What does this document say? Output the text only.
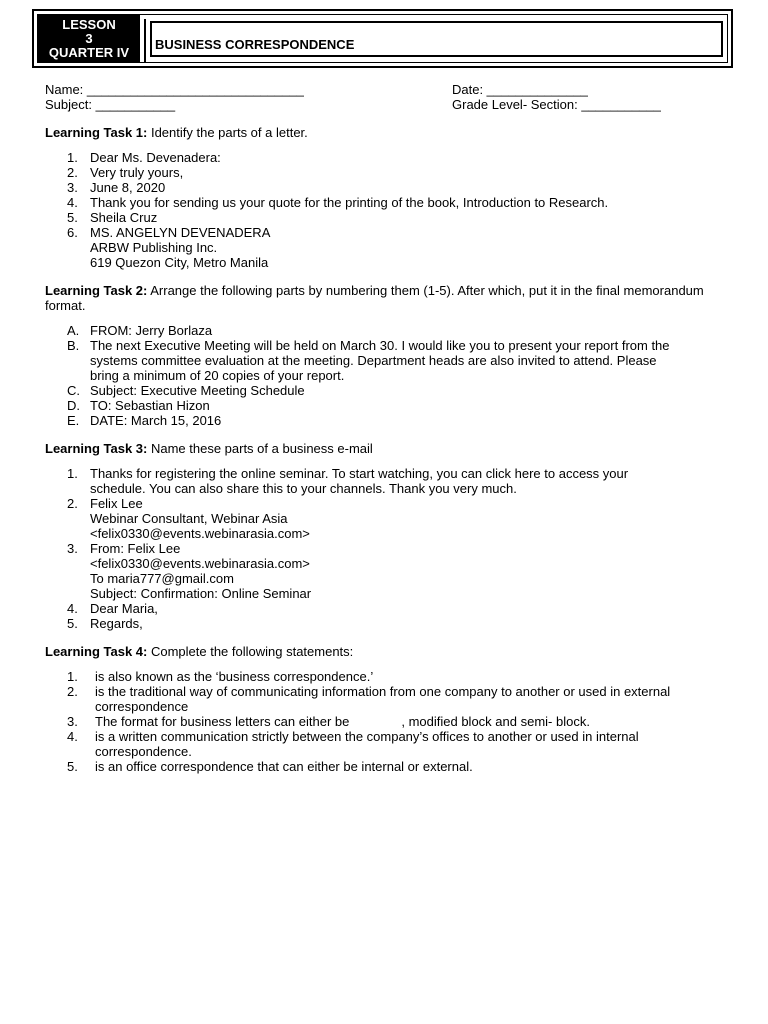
LESSON
3
QUARTER IV BUSINESS CORRESPONDENCE
Name: ______________________________	Date: ______________
Subject: ___________	Grade Level- Section: ___________

Learning Task 1: Identify the parts of a letter.

1. Dear Ms. Devenadera:
2. Very truly yours,
3. June 8, 2020
4. Thank you for sending us your quote for the printing of the book, Introduction to Research.
5. Sheila Cruz
6. MS. ANGELYN DEVENADERA
ARBW Publishing Inc.
619 Quezon City, Metro Manila

Learning Task 2: Arrange the following parts by numbering them (1-5). After which, put it in the final memorandum format.

A. FROM: Jerry Borlaza
B. The next Executive Meeting will be held on March 30. I would like you to present your report from the
systems committee evaluation at the meeting. Department heads are also invited to attend. Please
bring a minimum of 20 copies of your report.
C. Subject: Executive Meeting Schedule
D. TO: Sebastian Hizon
E. DATE: March 15, 2016

Learning Task 3: Name these parts of a business e-mail

1. Thanks for registering the online seminar. To start watching, you can click here to access your
schedule. You can also share this to your channels. Thank you very much.
2. Felix Lee
Webinar Consultant, Webinar Asia
<felix0330@events.webinarasia.com>
3. From: Felix Lee
<felix0330@events.webinarasia.com>
To maria777@gmail.com
Subject: Confirmation: Online Seminar
4. Dear Maria,
5. Regards,

Learning Task 4: Complete the following statements:

1. is also known as the ‘business correspondence.’
2. is the traditional way of communicating information from one company to another or used in external
correspondence
3. The format for business letters can either be	, modified block and semi- block.
4. is a written communication strictly between the company’s offices to another or used in internal
correspondence.
5. is an office correspondence that can either be internal or external.
